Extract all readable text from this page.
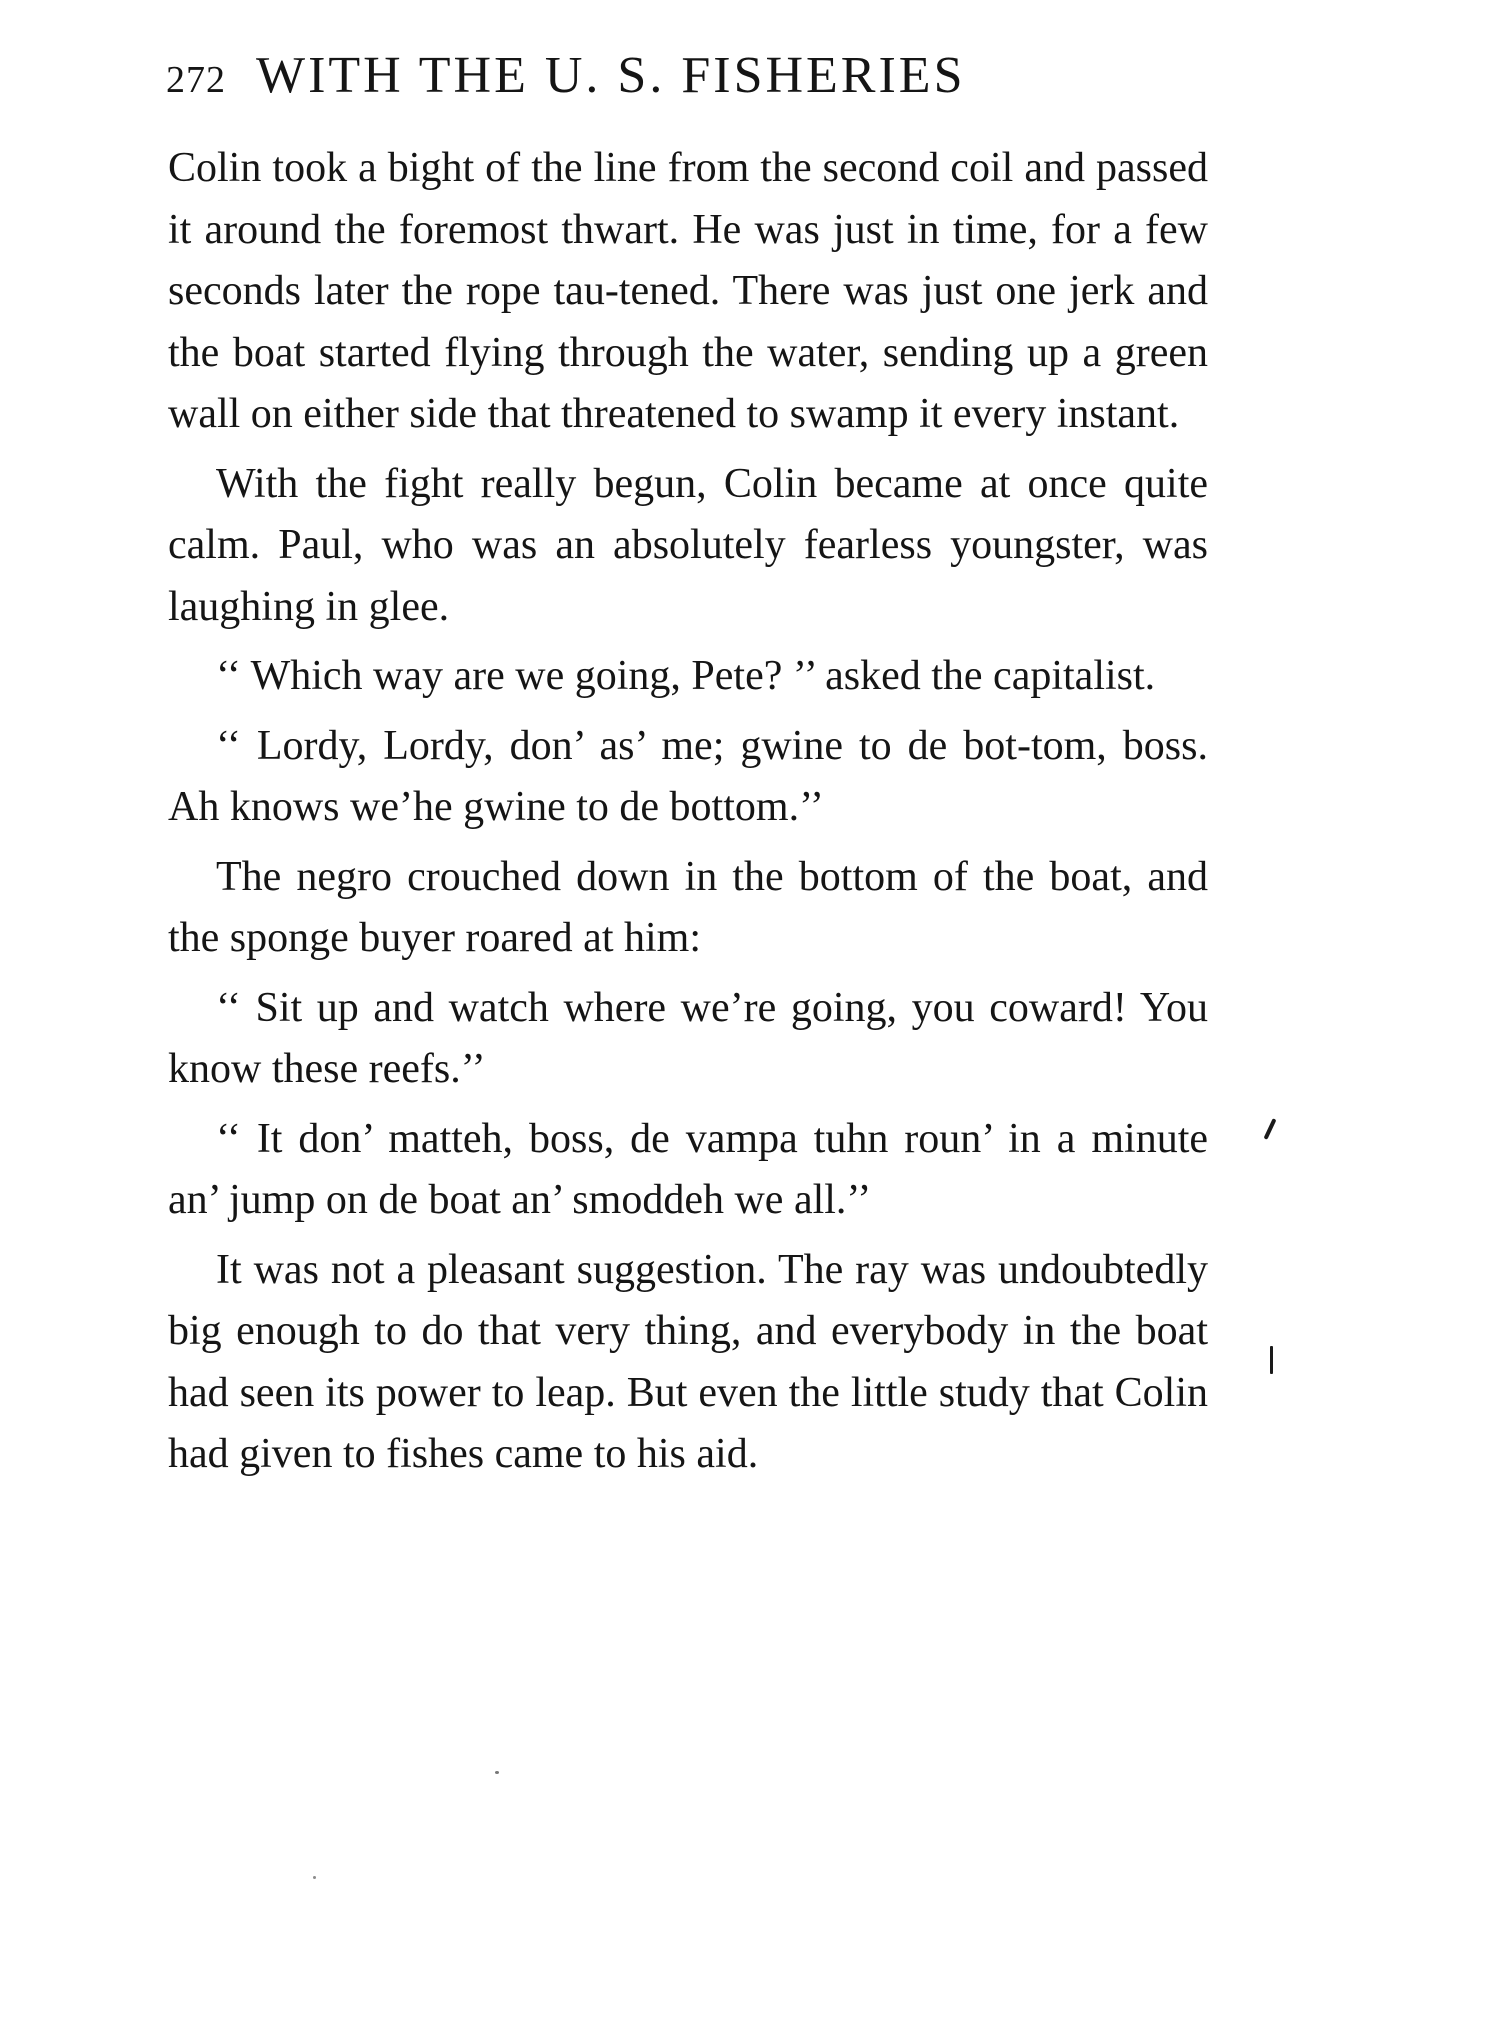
272 WITH THE U. S. FISHERIES

Colin took a bight of the line from the second coil and passed it around the foremost thwart. He was just in time, for a few seconds later the rope tau-tened. There was just one jerk and the boat started flying through the water, sending up a green wall on either side that threatened to swamp it every instant.

With the fight really begun, Colin became at once quite calm. Paul, who was an absolutely fearless youngster, was laughing in glee.

‘‘ Which way are we going, Pete? ’’ asked the capitalist.

‘‘ Lordy, Lordy, don’ as’ me; gwine to de bot-tom, boss. Ah knows we’he gwine to de bottom.’’

The negro crouched down in the bottom of the boat, and the sponge buyer roared at him:

‘‘ Sit up and watch where we’re going, you coward! You know these reefs.’’

‘‘ It don’ matteh, boss, de vampa tuhn roun’ in a minute an’ jump on de boat an’ smoddeh we all.’’

It was not a pleasant suggestion. The ray was undoubtedly big enough to do that very thing, and everybody in the boat had seen its power to leap. But even the little study that Colin had given to fishes came to his aid.
